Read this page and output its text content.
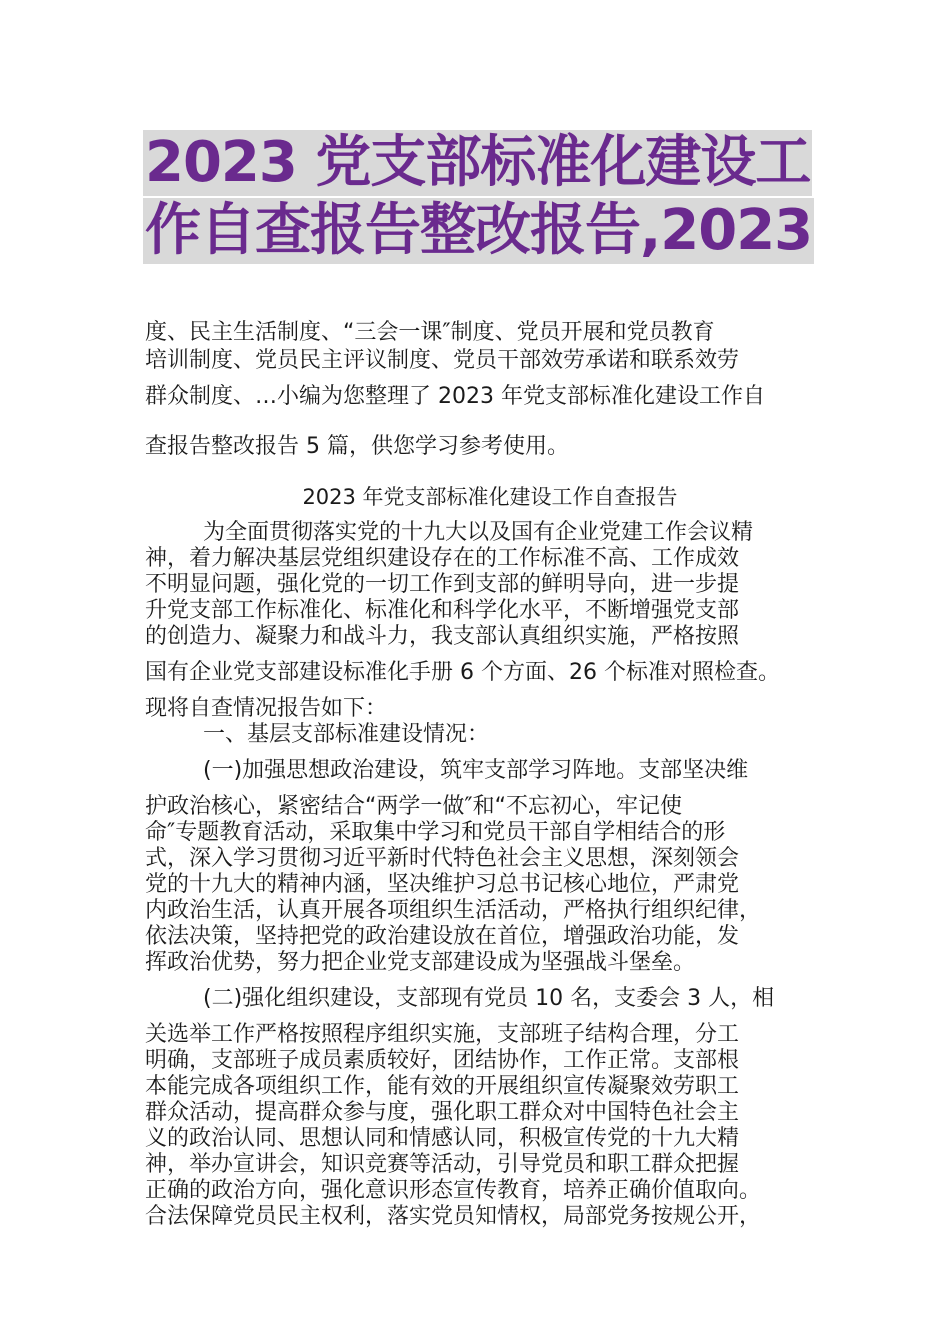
2023 党支部标准化建设工
作自查报告整改报告,2023
度、民主生活制度、“三会一课″制度、党员开展和党员教育
培训制度、党员民主评议制度、党员干部效劳承诺和联系效劳
群众制度、…小编为您整理了 2023 年党支部标准化建设工作自
查报告整改报告 5 篇，供您学习参考使用。
2023 年党支部标准化建设工作自查报告
为全面贯彻落实党的十九大以及国有企业党建工作会议精
神，着力解决基层党组织建设存在的工作标准不高、工作成效
不明显问题，强化党的一切工作到支部的鲜明导向，进一步提
升党支部工作标准化、标准化和科学化水平，不断增强党支部
的创造力、凝聚力和战斗力，我支部认真组织实施，严格按照
国有企业党支部建设标准化手册 6 个方面、26 个标准对照检查。
现将自查情况报告如下：
一、基层支部标准建设情况：
(一)加强思想政治建设，筑牢支部学习阵地。支部坚决维
护政治核心，紧密结合“两学一做″和“不忘初心，牢记使
命″专题教育活动，采取集中学习和党员干部自学相结合的形
式，深入学习贯彻习近平新时代特色社会主义思想，深刻领会
党的十九大的精神内涵，坚决维护习总书记核心地位，严肃党
内政治生活，认真开展各项组织生活活动，严格执行组织纪律，
依法决策，坚持把党的政治建设放在首位，增强政治功能，发
挥政治优势，努力把企业党支部建设成为坚强战斗堡垒。
(二)强化组织建设，支部现有党员 10 名，支委会 3 人，相
关选举工作严格按照程序组织实施，支部班子结构合理，分工
明确，支部班子成员素质较好，团结协作，工作正常。支部根
本能完成各项组织工作，能有效的开展组织宣传凝聚效劳职工
群众活动，提高群众参与度，强化职工群众对中国特色社会主
义的政治认同、思想认同和情感认同，积极宣传党的十九大精
神，举办宣讲会，知识竞赛等活动，引导党员和职工群众把握
正确的政治方向，强化意识形态宣传教育，培养正确价值取向。
合法保障党员民主权利，落实党员知情权，局部党务按规公开，
